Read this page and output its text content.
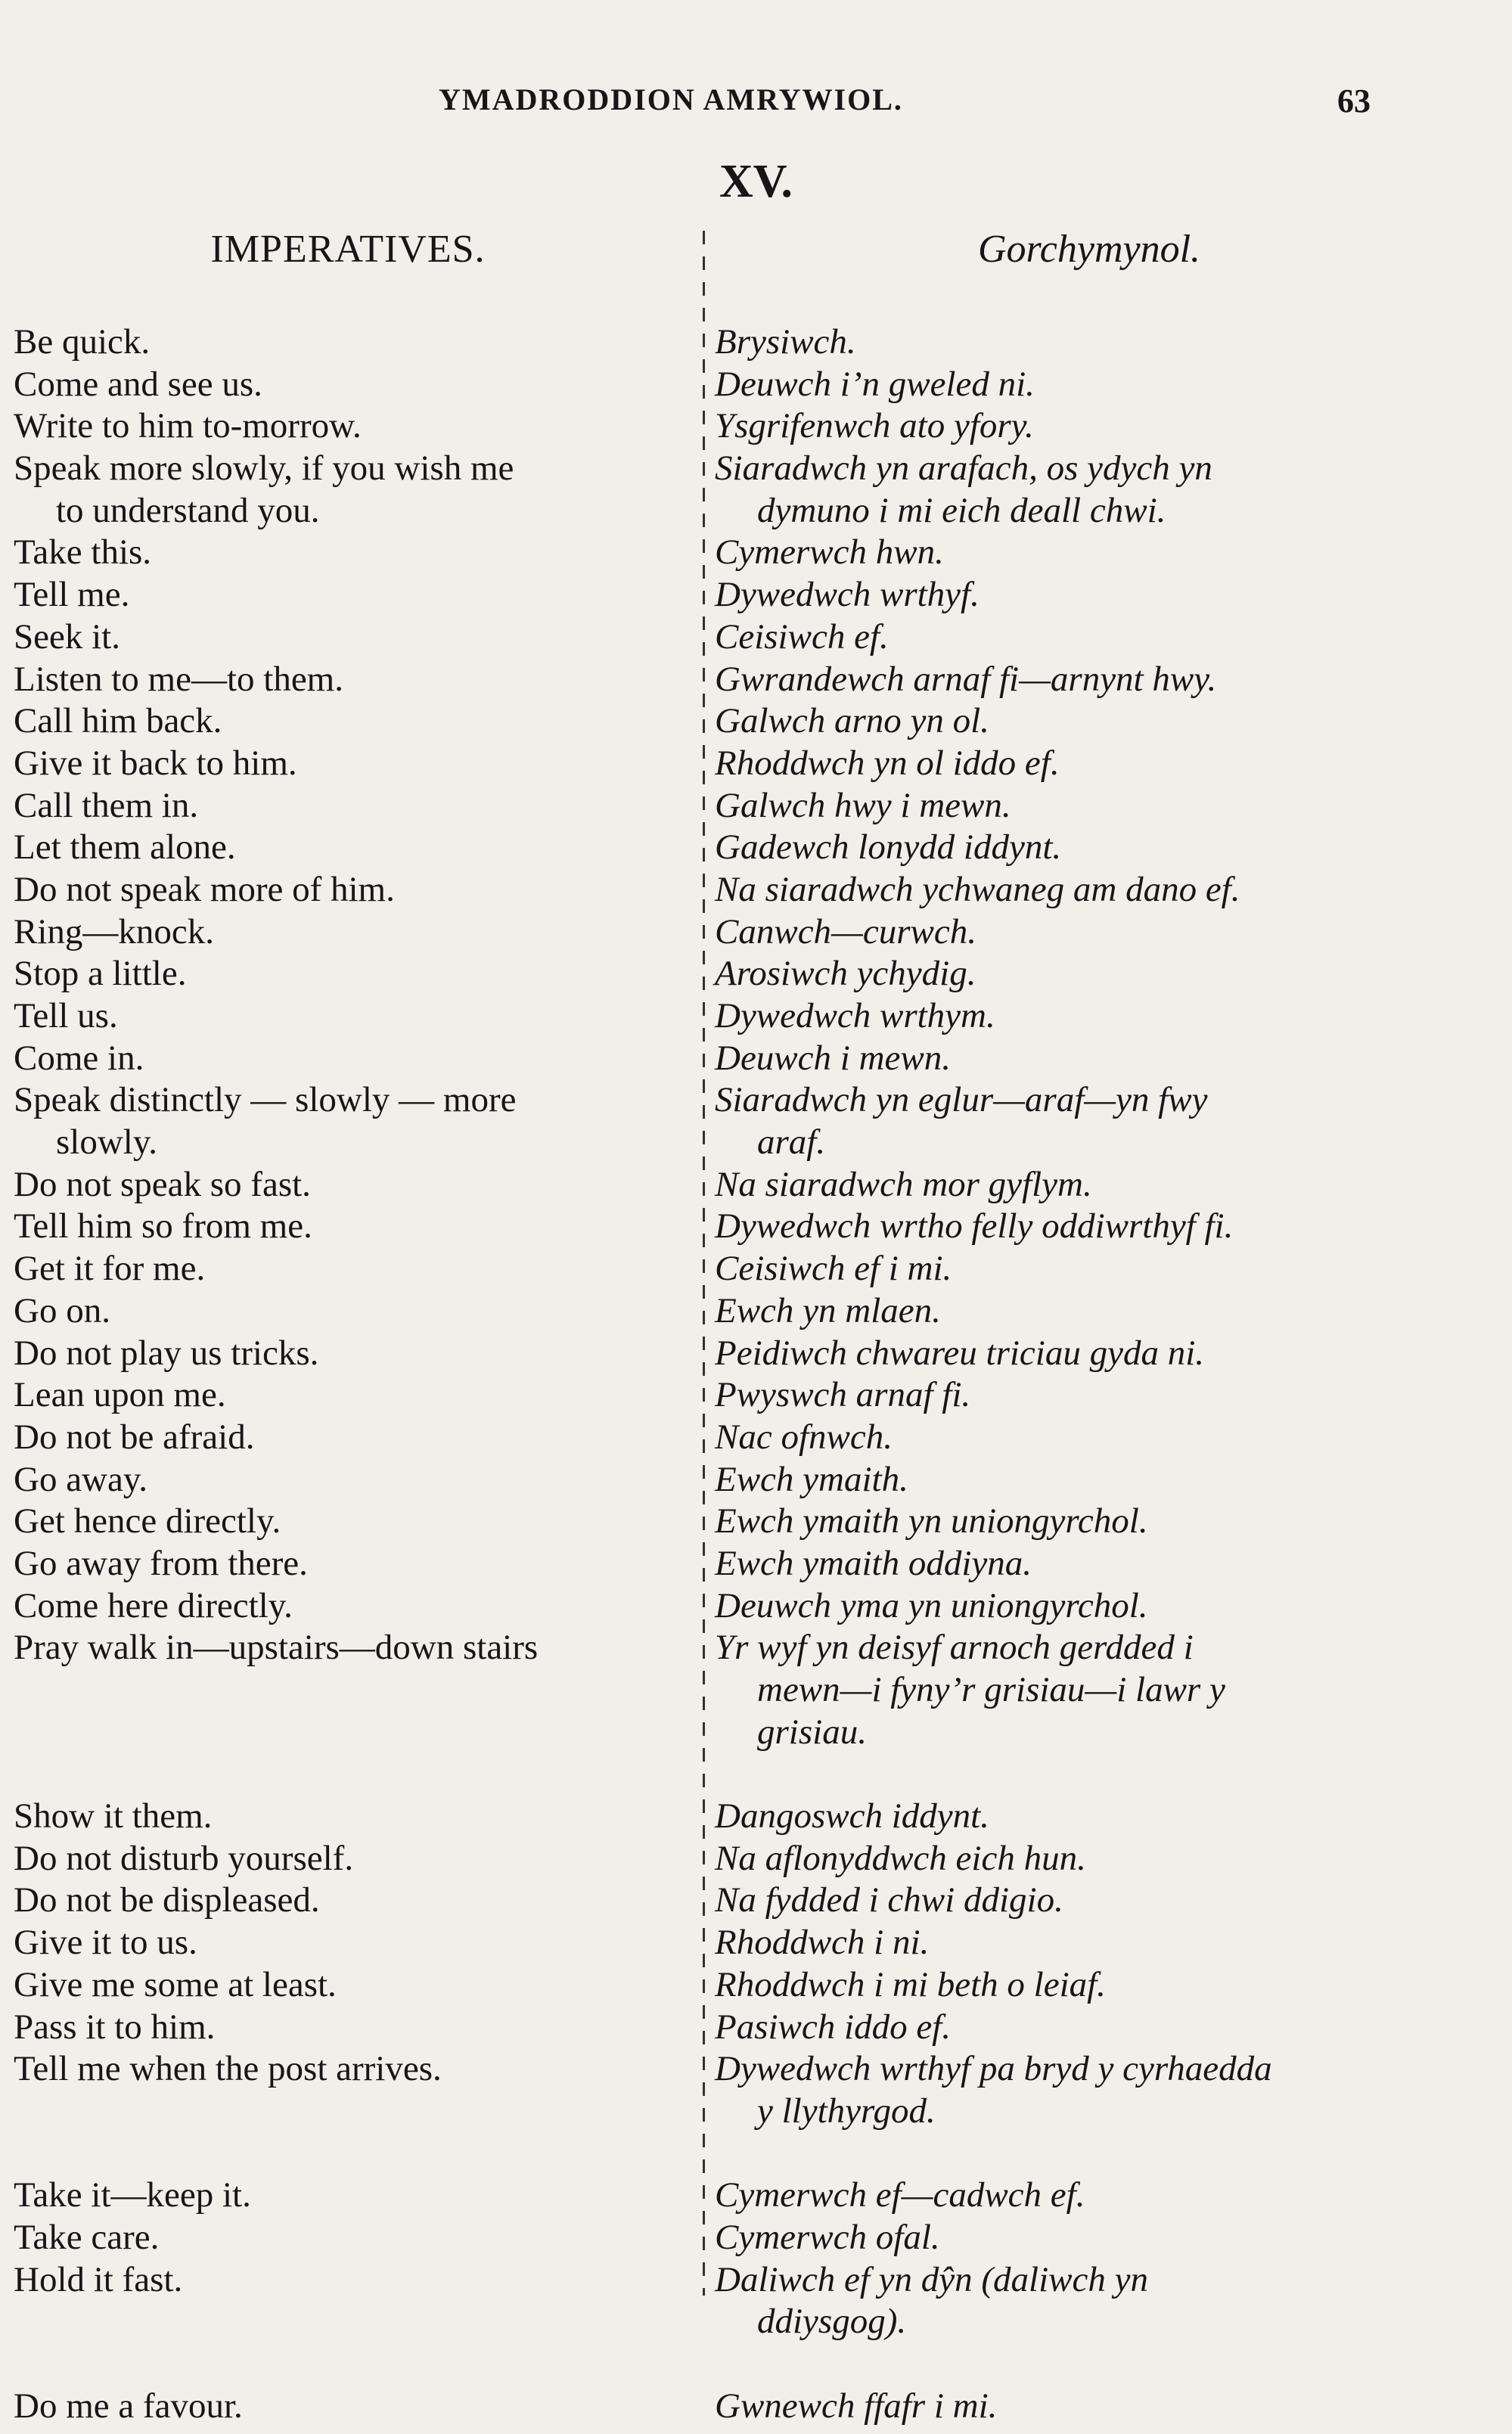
YMADRODDION AMRYWIOL.	63
XV.
IMPERATIVES.	Gorchymynol.
Be quick.
Come and see us.
Write to him to-morrow.
Speak more slowly, if you wish me
to understand you.
Take this.
Tell me.
Seek it.
Listen to me—to them.
Call him back.
Give it back to him.
Call them in.
Let them alone.
Do not speak more of him.
Ring—knock.
Stop a little.
Tell us.
Come in.
Speak distinctly — slowly — more
slowly.
Do not speak so fast.
Tell him so from me.
Get it for me.
Go on.
Do not play us tricks.
Lean upon me.
Do not be afraid.
Go away.
Get hence directly.
Go away from there.
Come here directly.
Pray walk in—upstairs—down stairs
Show it them.
Do not disturb yourself.
Do not be displeased.
Give it to us.
Give me some at least.
Pass it to him.
Tell me when the post arrives.
Take it—keep it.
Take care.
Hold it fast.
Do me a favour.
Brysiwch.
Deuwch i’n gweled ni.
Ysgrifenwch ato yfory.
Siaradwch yn arafach, os ydych yn
dymuno i mi eich deall chwi.
Cymerwch hwn.
Dywedwch wrthyf.
Ceisiwch ef.
Gwrandewch arnaf fi—arnynt hwy.
Galwch arno yn ol.
Rhoddwch yn ol iddo ef.
Galwch hwy i mewn.
Gadewch lonydd iddynt.
Na siaradwch ychwaneg am dano ef.
Canwch—curwch.
Arosiwch ychydig.
Dywedwch wrthym.
Deuwch i mewn.
Siaradwch yn eglur—araf—yn fwy
araf.
Na siaradwch mor gyflym.
Dywedwch wrtho felly oddiwrthyf fi.
Ceisiwch ef i mi.
Ewch yn mlaen.
Peidiwch chwareu triciau gyda ni.
Pwyswch arnaf fi.
Nac ofnwch.
Ewch ymaith.
Ewch ymaith yn uniongyrchol.
Ewch ymaith oddiyna.
Deuwch yma yn uniongyrchol.
Yr wyf yn deisyf arnoch gerdded i
mewn—i fyny’r grisiau—i lawr y
grisiau.
Dangoswch iddynt.
Na aflonyddwch eich hun.
Na fydded i chwi ddigio.
Rhoddwch i ni.
Rhoddwch i mi beth o leiaf.
Pasiwch iddo ef.
Dywedwch wrthyf pa bryd y cyrhaedda
y llythyrgod.
Cymerwch ef—cadwch ef.
Cymerwch ofal.
Daliwch ef yn dŷn (daliwch yn
ddiysgog).
Gwnewch ffafr i mi.
